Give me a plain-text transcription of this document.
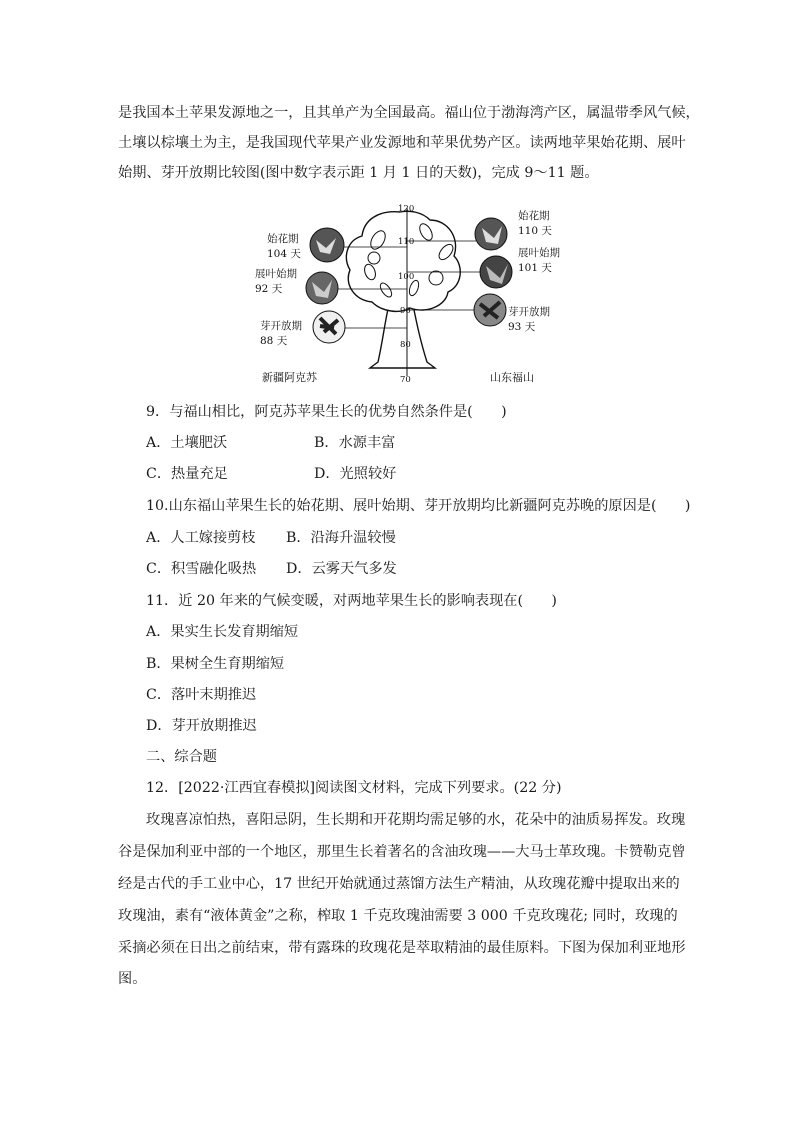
是我国本土苹果发源地之一，且其单产为全国最高。福山位于渤海湾产区，属温带季风气候，
土壤以棕壤土为主，是我国现代苹果产业发源地和苹果优势产区。读两地苹果始花期、展叶
始期、芽开放期比较图(图中数字表示距 1 月 1 日的天数)，完成 9～11 题。
120
110
100
90
80
70
始花期
104 天
展叶始期
92 天
芽开放期
88 天
始花期
110 天
展叶始期
101 天
芽开放期
93 天
新疆阿克苏	山东福山
9．与福山相比，阿克苏苹果生长的优势自然条件是(　　)
A．土壤肥沃	B．水源丰富
C．热量充足	D．光照较好
10.山东福山苹果生长的始花期、展叶始期、芽开放期均比新疆阿克苏晚的原因是(　　)
A．人工嫁接剪枝 B．沿海升温较慢
C．积雪融化吸热 D．云雾天气多发
11．近 20 年来的气候变暖，对两地苹果生长的影响表现在(　　)
A．果实生长发育期缩短
B．果树全生育期缩短
C．落叶末期推迟
D．芽开放期推迟
二、综合题
12．[2022·江西宜春模拟]阅读图文材料，完成下列要求。(22 分)
玫瑰喜凉怕热，喜阳忌阴，生长期和开花期均需足够的水，花朵中的油质易挥发。玫瑰
谷是保加利亚中部的一个地区，那里生长着著名的含油玫瑰——大马士革玫瑰。卡赞勒克曾
经是古代的手工业中心，17 世纪开始就通过蒸馏方法生产精油，从玫瑰花瓣中提取出来的
玫瑰油，素有“液体黄金”之称，榨取 1 千克玫瑰油需要 3 000 千克玫瑰花; 同时，玫瑰的
采摘必须在日出之前结束，带有露珠的玫瑰花是萃取精油的最佳原料。下图为保加利亚地形
图。
